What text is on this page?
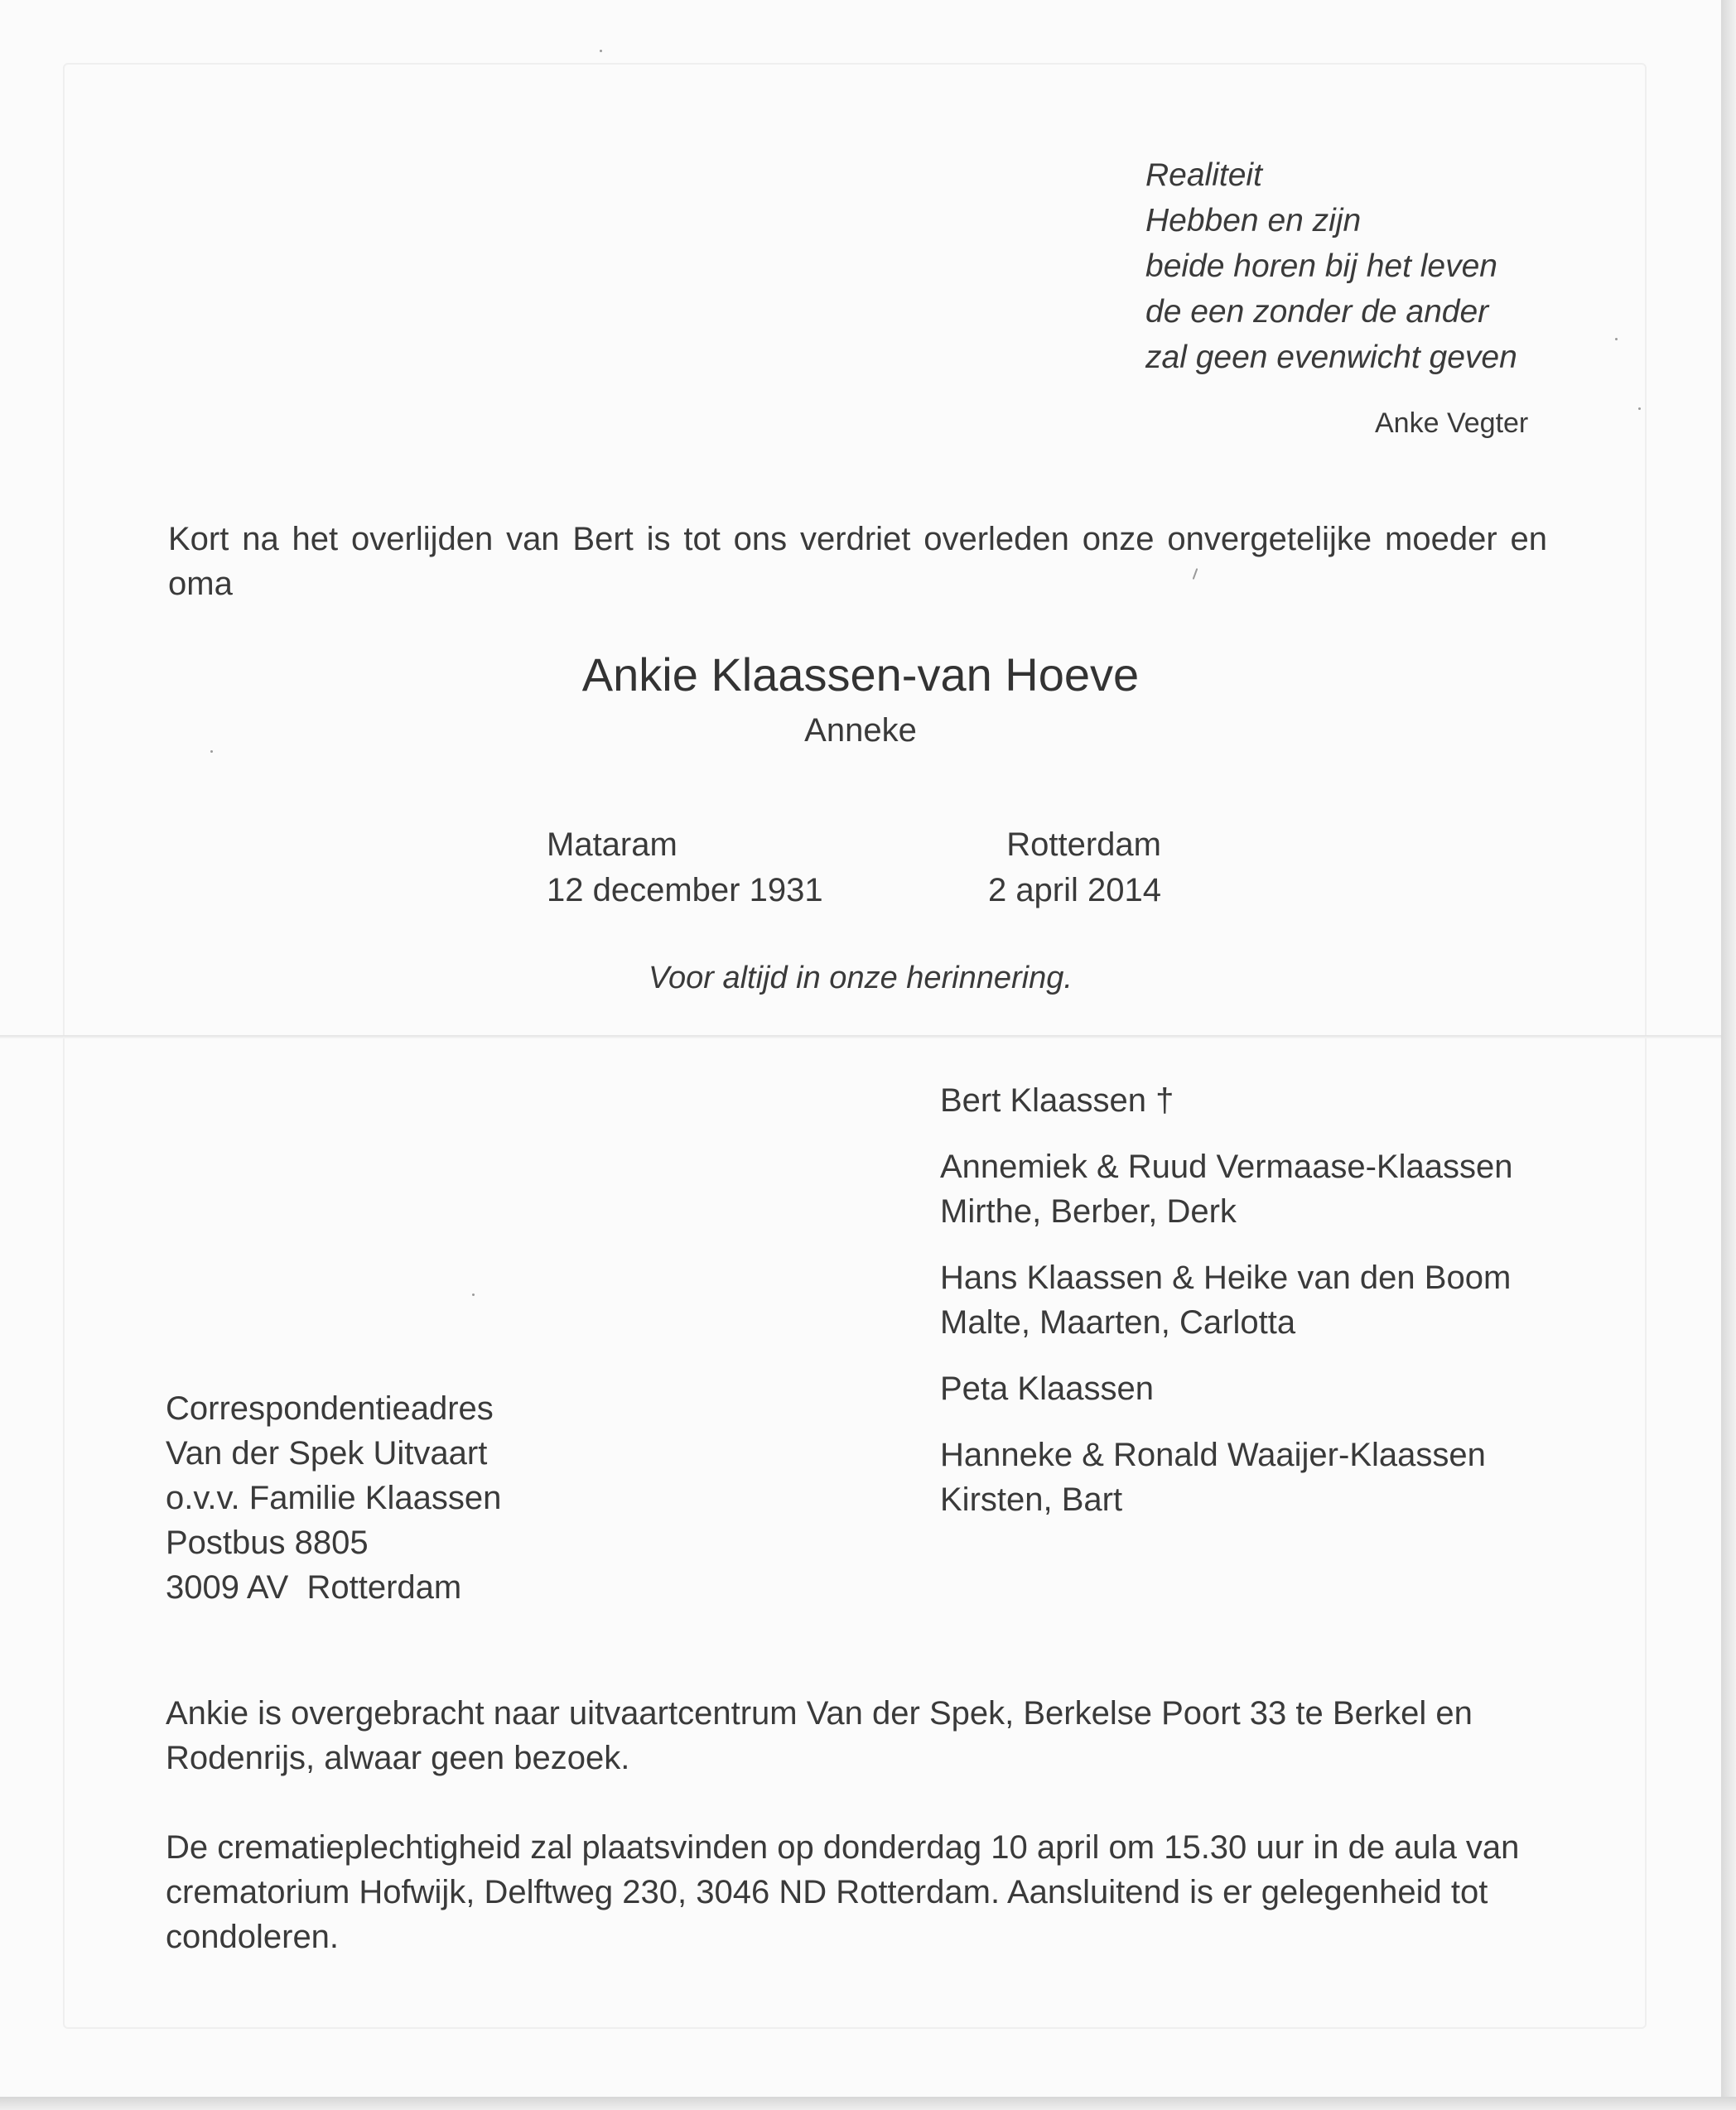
Realiteit
Hebben en zijn
beide horen bij het leven
de een zonder de ander
zal geen evenwicht geven

Anke Vegter

Kort na het overlijden van Bert is tot ons verdriet overleden onze onvergetelijke moeder en oma

Ankie Klaassen-van Hoeve

Anneke

Mataram

12 december 1931

Rotterdam

2 april 2014

Voor altijd in onze herinnering.

Bert Klaassen †
Annemiek & Ruud Vermaase-Klaassen
Mirthe, Berber, Derk
Hans Klaassen & Heike van den Boom
Malte, Maarten, Carlotta
Peta Klaassen
Hanneke & Ronald Waaijer-Klaassen
Kirsten, Bart
Correspondentieadres
Van der Spek Uitvaart
o.v.v. Familie Klaassen
Postbus 8805
3009 AV  Rotterdam

Ankie is overgebracht naar uitvaartcentrum Van der Spek, Berkelse Poort 33 te Berkel en Rodenrijs, alwaar geen bezoek.

De crematieplechtigheid zal plaatsvinden op donderdag 10 april om 15.30 uur in de aula van crematorium Hofwijk, Delftweg 230, 3046 ND Rotterdam. Aansluitend is er gelegenheid tot condoleren.
